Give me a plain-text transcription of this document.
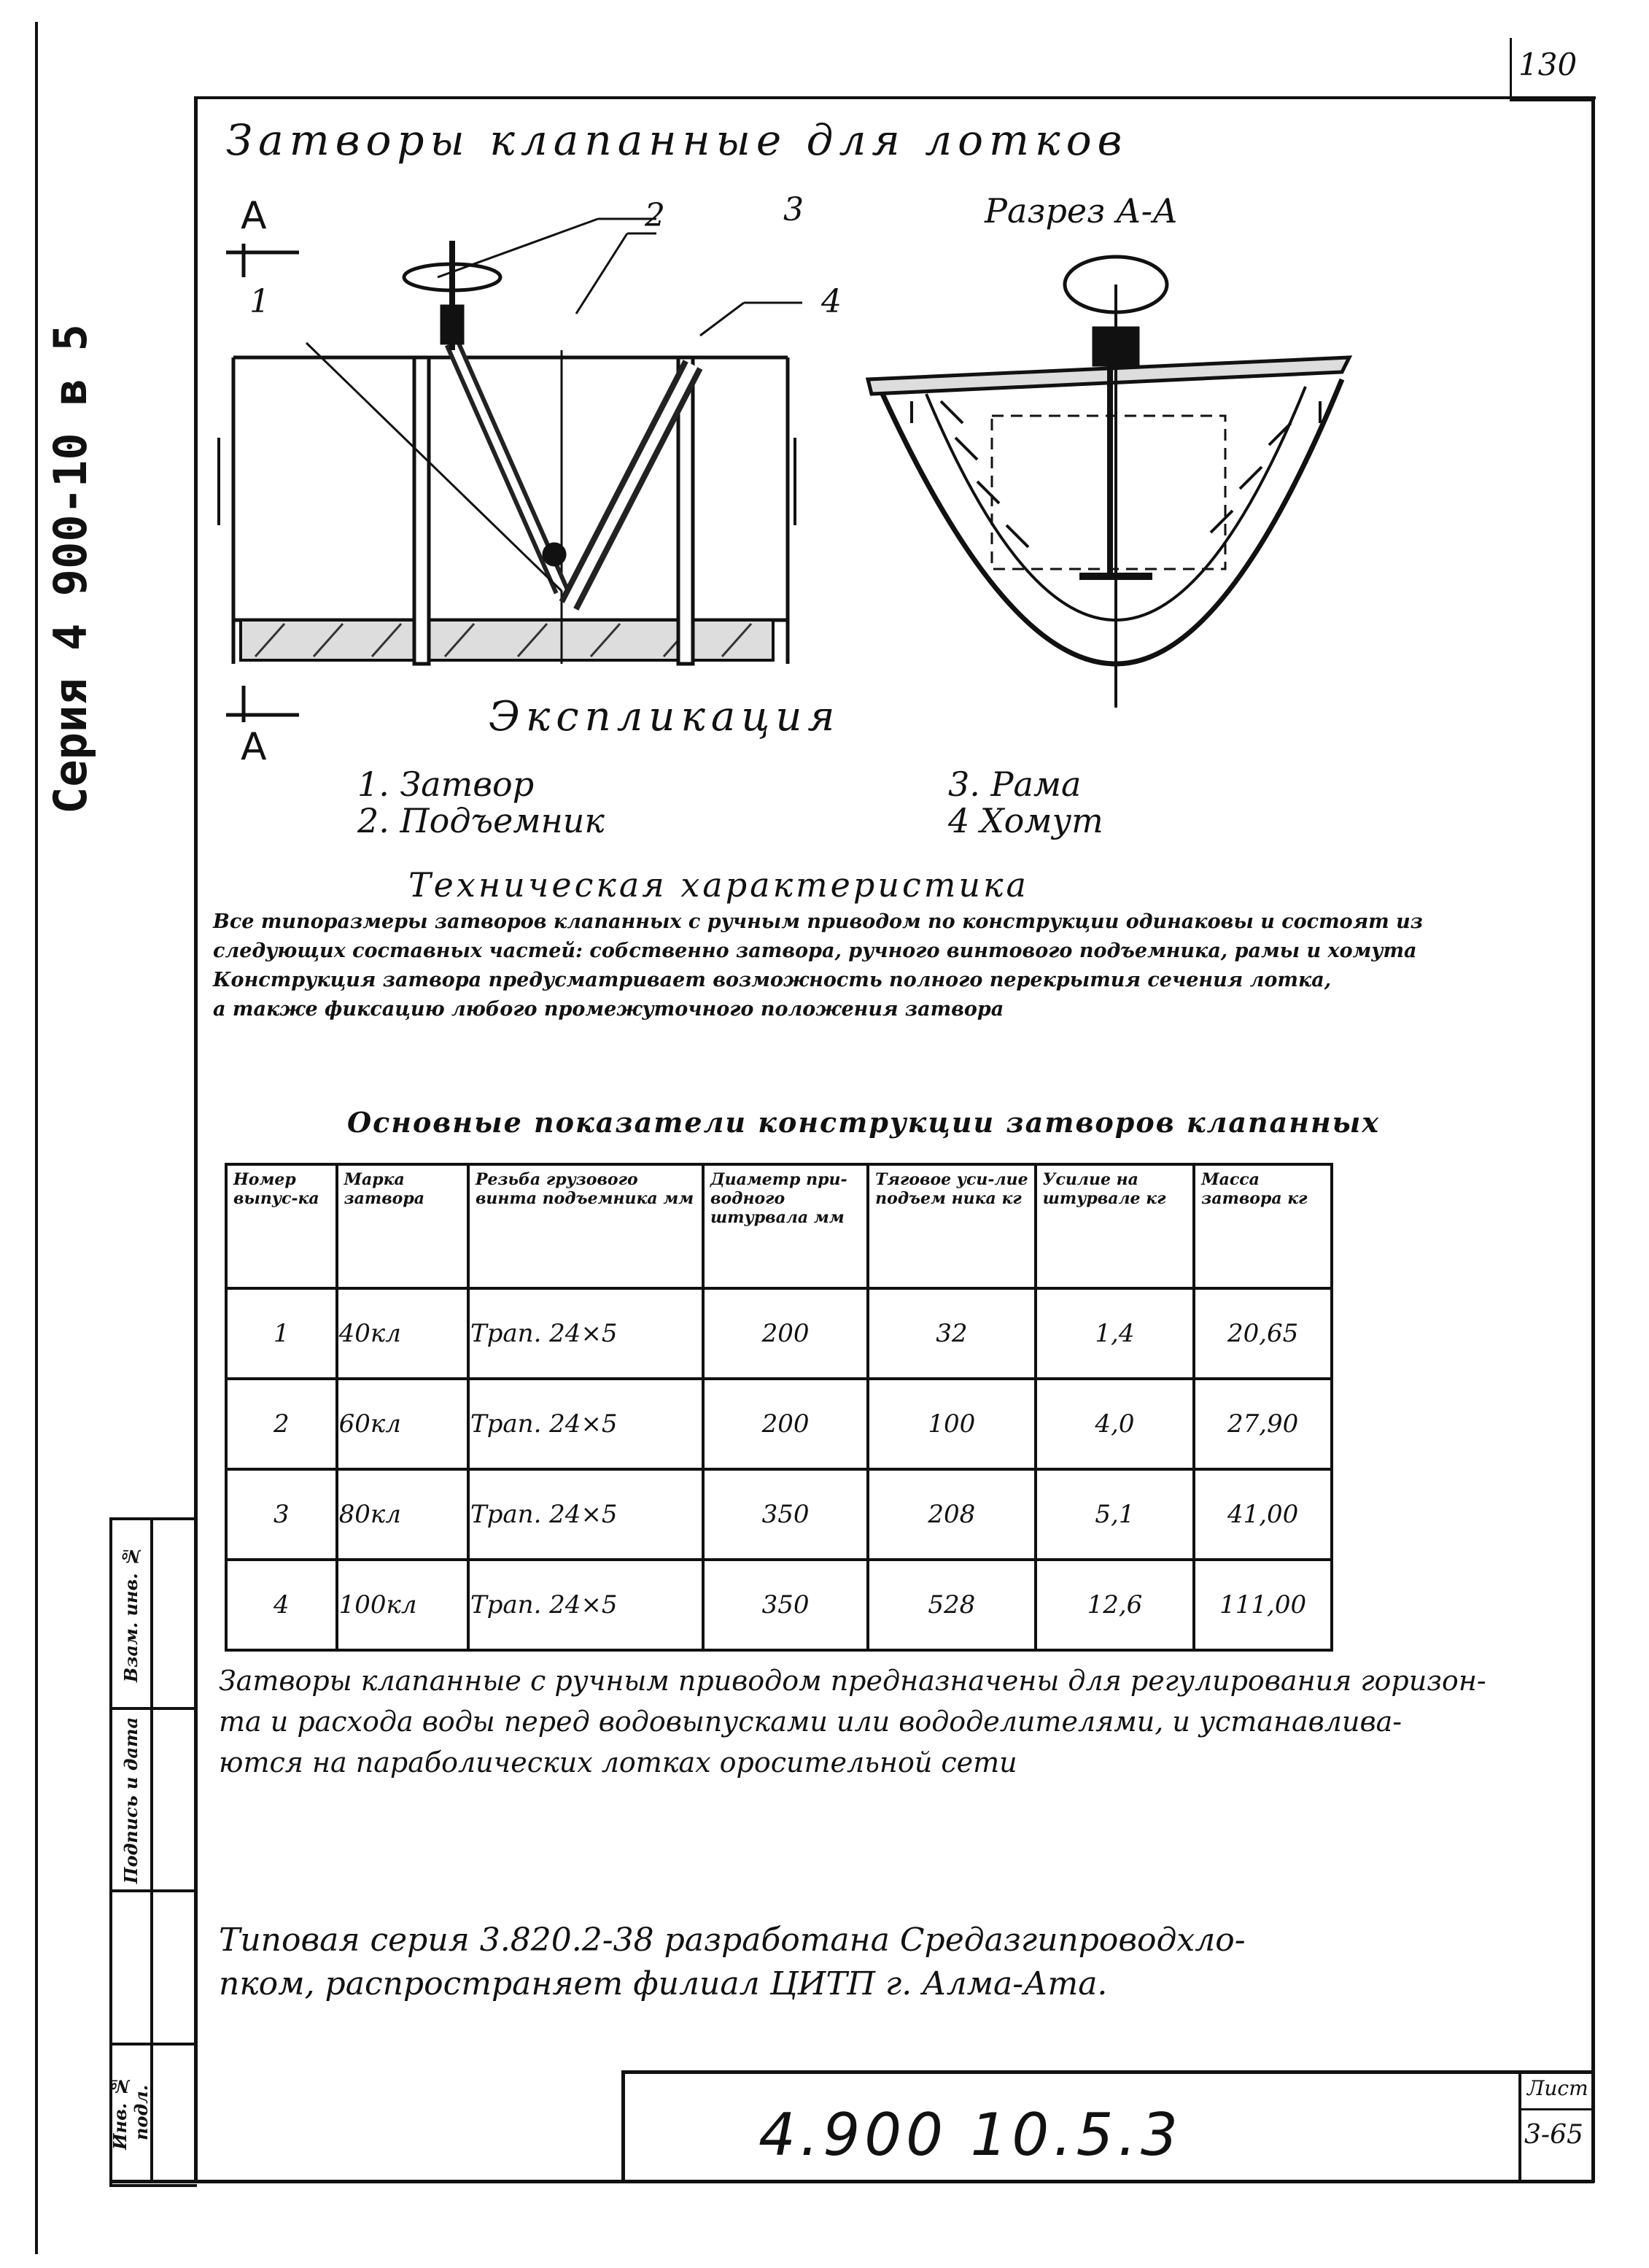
130
Серия 4 900-10 в 5
Затворы клапанные для лотков
1
2	3
4
А
А
Разрез А-А
Экспликация
1. Затвор
2. Подъемник
3. Рама
4 Хомут
Техническая характеристика
Все типоразмеры затворов клапанных с ручным приводом по конструкции одинаковы и состоят из
следующих составных частей: собственно затвора, ручного винтового подъемника, рамы и хомута
Конструкция затвора предусматривает возможность полного перекрытия сечения лотка,
а также фиксацию любого промежуточного положения затвора
Основные показатели конструкции затворов клапанных
Номер выпус-ка	Марка затвора	Резьба грузового винта подъемника мм	Диаметр при-водного штурвала мм	Тяговое уси-лие подъем ника кг	Усилие на штурвале кг	Масса затвора кг
1	40кл	Трап. 24×5	200	32	1,4	20,65
2	60кл	Трап. 24×5	200	100	4,0	27,90
3	80кл	Трап. 24×5	350	208	5,1	41,00
4	100кл	Трап. 24×5	350	528	12,6	111,00
Затворы клапанные с ручным приводом предназначены для регулирования горизон-
та и расхода воды перед водовыпусками или вододелителями, и устанавлива-
ются на параболических лотках оросительной сети
Типовая серия 3.820.2-38 разработана Средазгипроводхло-
пком, распространяет филиал ЦИТП г. Алма-Ата.
4.900 10.5.3
Лист
3-65
Инв. № подл.
Подпись и дата
Взам. инв. №
